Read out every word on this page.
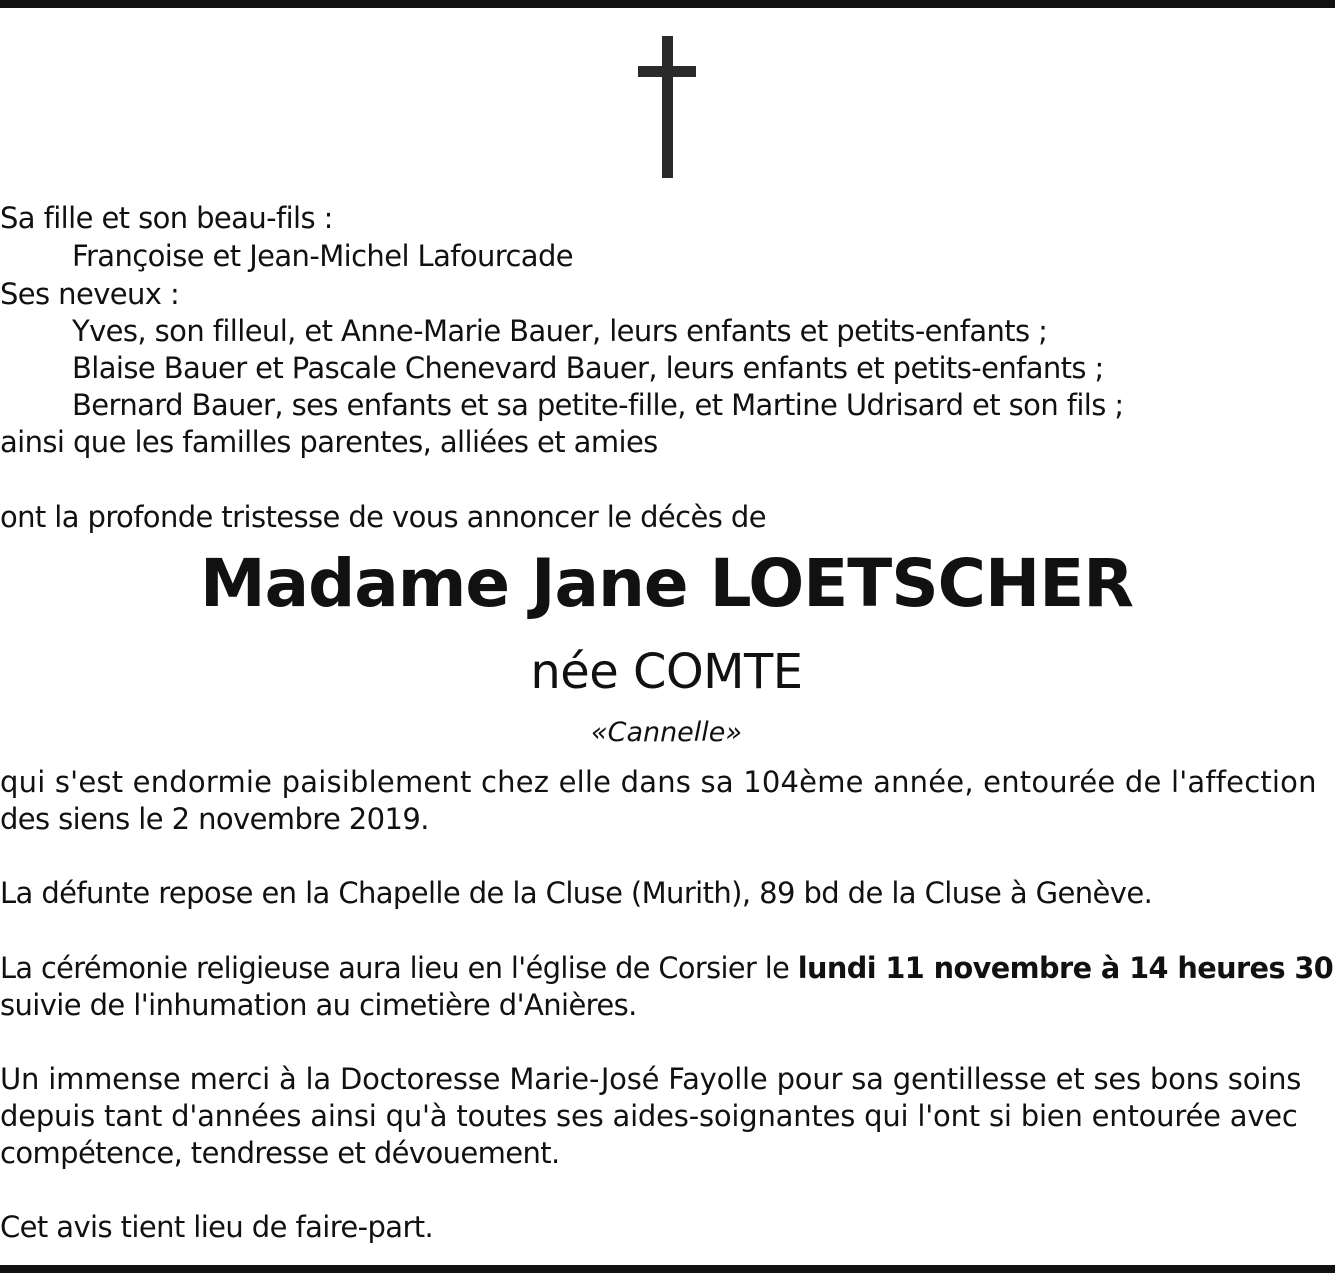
Sa fille et son beau-fils :
Françoise et Jean-Michel Lafourcade
Ses neveux :
Yves, son filleul, et Anne-Marie Bauer, leurs enfants et petits-enfants ;
Blaise Bauer et Pascale Chenevard Bauer, leurs enfants et petits-enfants ;
Bernard Bauer, ses enfants et sa petite-fille, et Martine Udrisard et son fils ;
ainsi que les familles parentes, alliées et amies
ont la profonde tristesse de vous annoncer le décès de
Madame Jane LOETSCHER
née COMTE
«Cannelle»
qui s'est endormie paisiblement chez elle dans sa 104ème année, entourée de l'affection
des siens le 2 novembre 2019.
La défunte repose en la Chapelle de la Cluse (Murith), 89 bd de la Cluse à Genève.
La cérémonie religieuse aura lieu en l'église de Corsier le lundi 11 novembre à 14 heures 30
suivie de l'inhumation au cimetière d'Anières.
Un immense merci à la Doctoresse Marie-José Fayolle pour sa gentillesse et ses bons soins
depuis tant d'années ainsi qu'à toutes ses aides-soignantes qui l'ont si bien entourée avec
compétence, tendresse et dévouement.
Cet avis tient lieu de faire-part.
